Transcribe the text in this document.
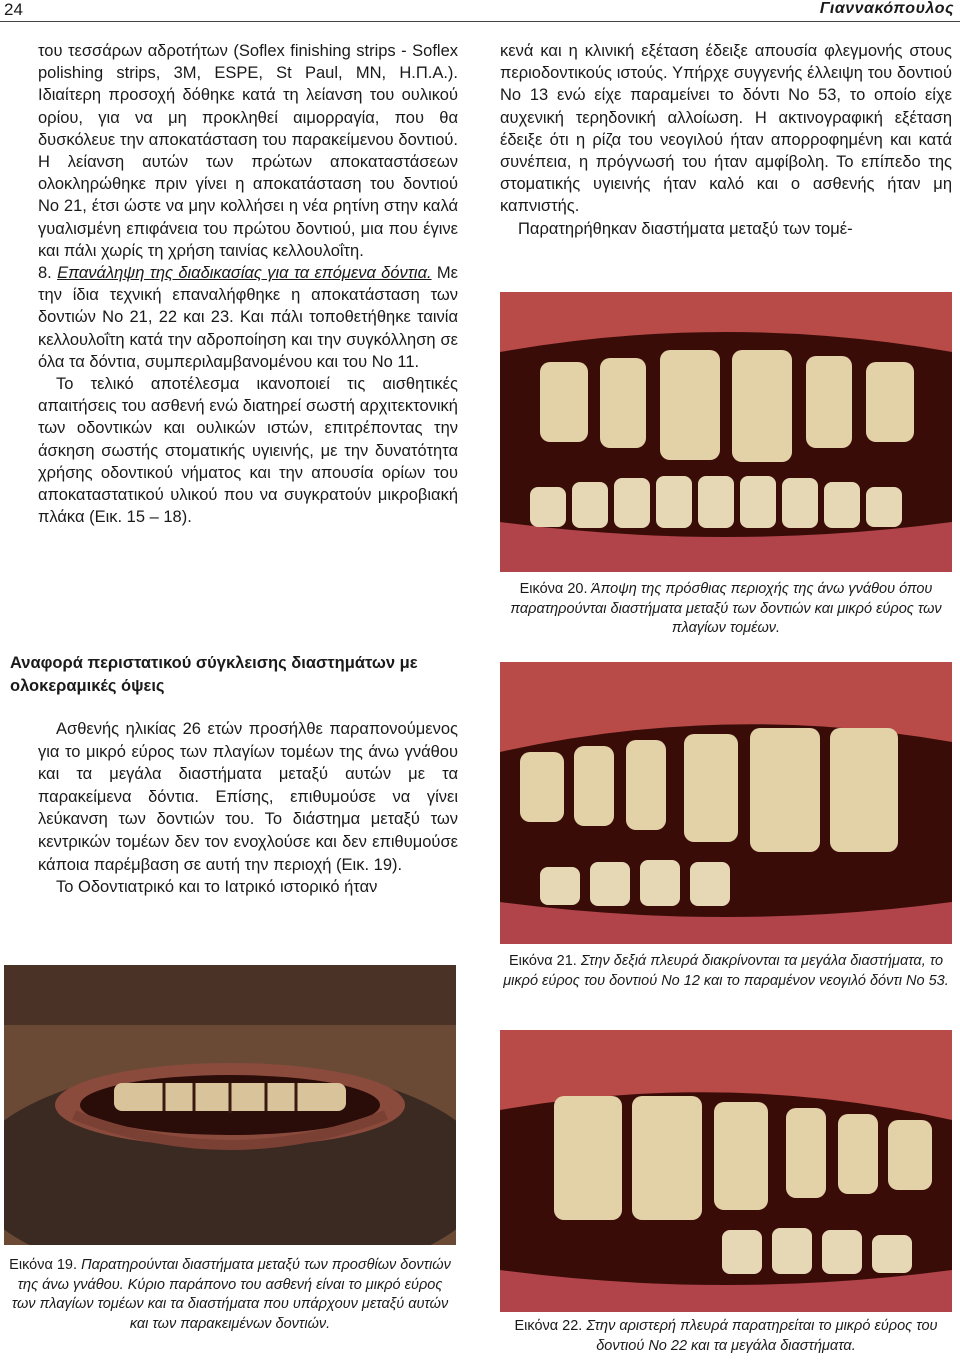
24	Γιαννακόπουλος

του τεσσάρων αδροτήτων (Soflex finishing strips - Soflex polishing strips, 3M, ESPE, St Paul, MN, Η.Π.Α.). Ιδιαίτερη προσοχή δόθηκε κατά τη λείανση του ουλικού ορίου, για να μη προκληθεί αιμορραγία, που θα δυσκόλευε την αποκατάσταση του παρακείμενου δοντιού. Η λείανση αυτών των πρώτων αποκαταστάσεων ολοκληρώθηκε πριν γίνει η αποκατάσταση του δοντιού Νο 21, έτσι ώστε να μην κολλήσει η νέα ρητίνη στην καλά γυαλισμένη επιφάνεια του πρώτου δοντιού, μια που έγινε και πάλι χωρίς τη χρήση ταινίας κελλουλοΐτη.

8. Επανάληψη της διαδικασίας για τα επόμενα δόντια. Με την ίδια τεχνική επαναλήφθηκε η αποκατάσταση των δοντιών Νο 21, 22 και 23. Και πάλι τοποθετήθηκε ταινία κελλουλοΐτη κατά την αδροποίηση και την συγκόλληση σε όλα τα δόντια, συμπεριλαμβανομένου και του Νο 11.

Το τελικό αποτέλεσμα ικανοποιεί τις αισθητικές απαιτήσεις του ασθενή ενώ διατηρεί σωστή αρχιτεκτονική των οδοντικών και ουλικών ιστών, επιτρέποντας την άσκηση σωστής στοματικής υγιεινής, με την δυνατότητα χρήσης οδοντικού νήματος και την απουσία ορίων του αποκαταστατικού υλικού που να συγκρατούν μικροβιακή πλάκα (Εικ. 15 – 18).

Αναφορά περιστατικού σύγκλεισης διαστημάτων με ολοκεραμικές όψεις

Ασθενής ηλικίας 26 ετών προσήλθε παραπονούμενος για το μικρό εύρος των πλαγίων τομέων της άνω γνάθου και τα μεγάλα διαστήματα μεταξύ αυτών με τα παρακείμενα δόντια. Επίσης, επιθυμούσε να γίνει λεύκανση των δοντιών του. Το διάστημα μεταξύ των κεντρικών τομέων δεν τον ενοχλούσε και δεν επιθυμούσε κάποια παρέμβαση σε αυτή την περιοχή (Εικ. 19).

Το Οδοντιατρικό και το Ιατρικό ιστορικό ήταν

κενά και η κλινική εξέταση έδειξε απουσία φλεγμονής στους περιοδοντικούς ιστούς. Υπήρχε συγγενής έλλειψη του δοντιού Νο 13 ενώ είχε παραμείνει το δόντι Νο 53, το οποίο είχε αυχενική τερηδονική αλλοίωση. Η ακτινογραφική εξέταση έδειξε ότι η ρίζα του νεογιλού ήταν απορροφημένη και κατά συνέπεια, η πρόγνωσή του ήταν αμφίβολη. Το επίπεδο της στοματικής υγιεινής ήταν καλό και ο ασθενής ήταν μη καπνιστής.

Παρατηρήθηκαν διαστήματα μεταξύ των τομέ-

Εικόνα 19. Παρατηρούνται διαστήματα μεταξύ των προσθίων δοντιών της άνω γνάθου. Κύριο παράπονο του ασθενή είναι το μικρό εύρος των πλαγίων τομέων και τα διαστήματα που υπάρχουν μεταξύ αυτών και των παρακειμένων δοντιών.
Εικόνα 20. Άποψη της πρόσθιας περιοχής της άνω γνάθου όπου παρατηρούνται διαστήματα μεταξύ των δοντιών και μικρό εύρος των πλαγίων τομέων.
Εικόνα 21. Στην δεξιά πλευρά διακρίνονται τα μεγάλα διαστήματα, το μικρό εύρος του δοντιού Νο 12 και το παραμένον νεογιλό δόντι Νο 53.
Εικόνα 22. Στην αριστερή πλευρά παρατηρείται το μικρό εύρος του δοντιού Νο 22 και τα μεγάλα διαστήματα.
